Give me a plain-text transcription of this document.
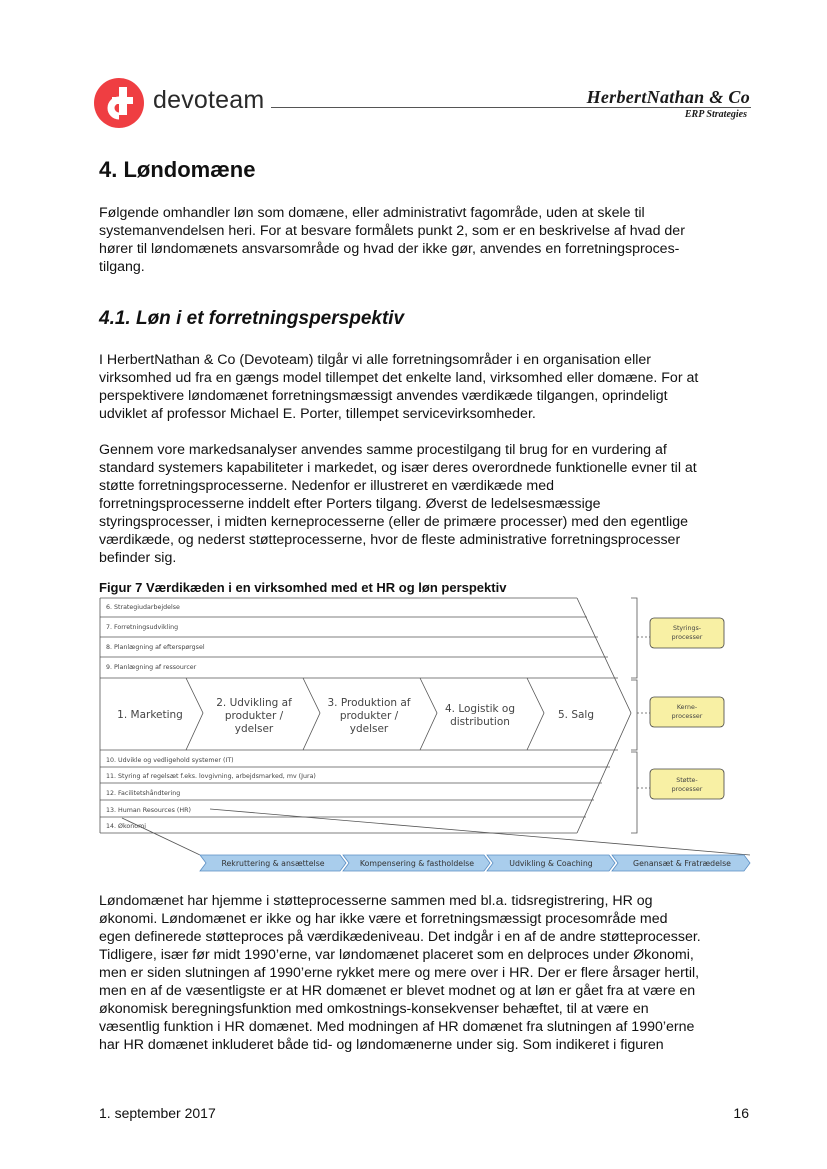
devoteam	HerbertNathan & Co
ERP Strategies
4. Løndomæne
Følgende omhandler løn som domæne, eller administrativt fagområde, uden at skele til
systemanvendelsen heri. For at besvare formålets punkt 2, som er en beskrivelse af hvad der
hører til løndomænets ansvarsområde og hvad der ikke gør, anvendes en forretningsproces-
tilgang.
4.1. Løn i et forretningsperspektiv
I HerbertNathan & Co (Devoteam) tilgår vi alle forretningsområder i en organisation eller
virksomhed ud fra en gængs model tillempet det enkelte land, virksomhed eller domæne. For at
perspektivere løndomænet forretningsmæssigt anvendes værdikæde tilgangen, oprindeligt
udviklet af professor Michael E. Porter, tillempet servicevirksomheder.
Gennem vore markedsanalyser anvendes samme procestilgang til brug for en vurdering af
standard systemers kapabiliteter i markedet, og især deres overordnede funktionelle evner til at
støtte forretningsprocesserne. Nedenfor er illustreret en værdikæde med
forretningsprocesserne inddelt efter Porters tilgang. Øverst de ledelsesmæssige
styringsprocesser, i midten kerneprocesserne (eller de primære processer) med den egentlige
værdikæde, og nederst støtteprocesserne, hvor de fleste administrative forretningsprocesser
befinder sig.
Figur 7 Værdikæden i en virksomhed med et HR og løn perspektiv
6. Strategiudarbejdelse
7. Forretningsudvikling
8. Planlægning af efterspørgsel
9. Planlægning af ressourcer
1. Marketing
2. Udvikling af
produkter /
ydelser
3. Produktion af
produkter /
ydelser
4. Logistik og
distribution
5. Salg
10. Udvikle og vedligehold systemer (IT)
11. Styring af regelsæt f.eks. lovgivning, arbejdsmarked, mv (Jura)
12. Facilitetshåndtering
13. Human Resources (HR)
14. Økonomi
Styrings-
processer
Kerne-
processer
Støtte-
processer
Rekruttering & ansættelse	Kompensering & fastholdelse	Udvikling & Coaching	Genansæt & Fratrædelse
Løndomænet har hjemme i støtteprocesserne sammen med bl.a. tidsregistrering, HR og
økonomi. Løndomænet er ikke og har ikke være et forretningsmæssigt procesområde med
egen definerede støtteproces på værdikædeniveau. Det indgår i en af de andre støtteprocesser.
Tidligere, især før midt 1990’erne, var løndomænet placeret som en delproces under Økonomi,
men er siden slutningen af 1990’erne rykket mere og mere over i HR. Der er flere årsager hertil,
men en af de væsentligste er at HR domænet er blevet modnet og at løn er gået fra at være en
økonomisk beregningsfunktion med omkostnings-konsekvenser behæftet, til at være en
væsentlig funktion i HR domænet. Med modningen af HR domænet fra slutningen af 1990’erne
har HR domænet inkluderet både tid- og løndomænerne under sig. Som indikeret i figuren
1. september 2017	16
